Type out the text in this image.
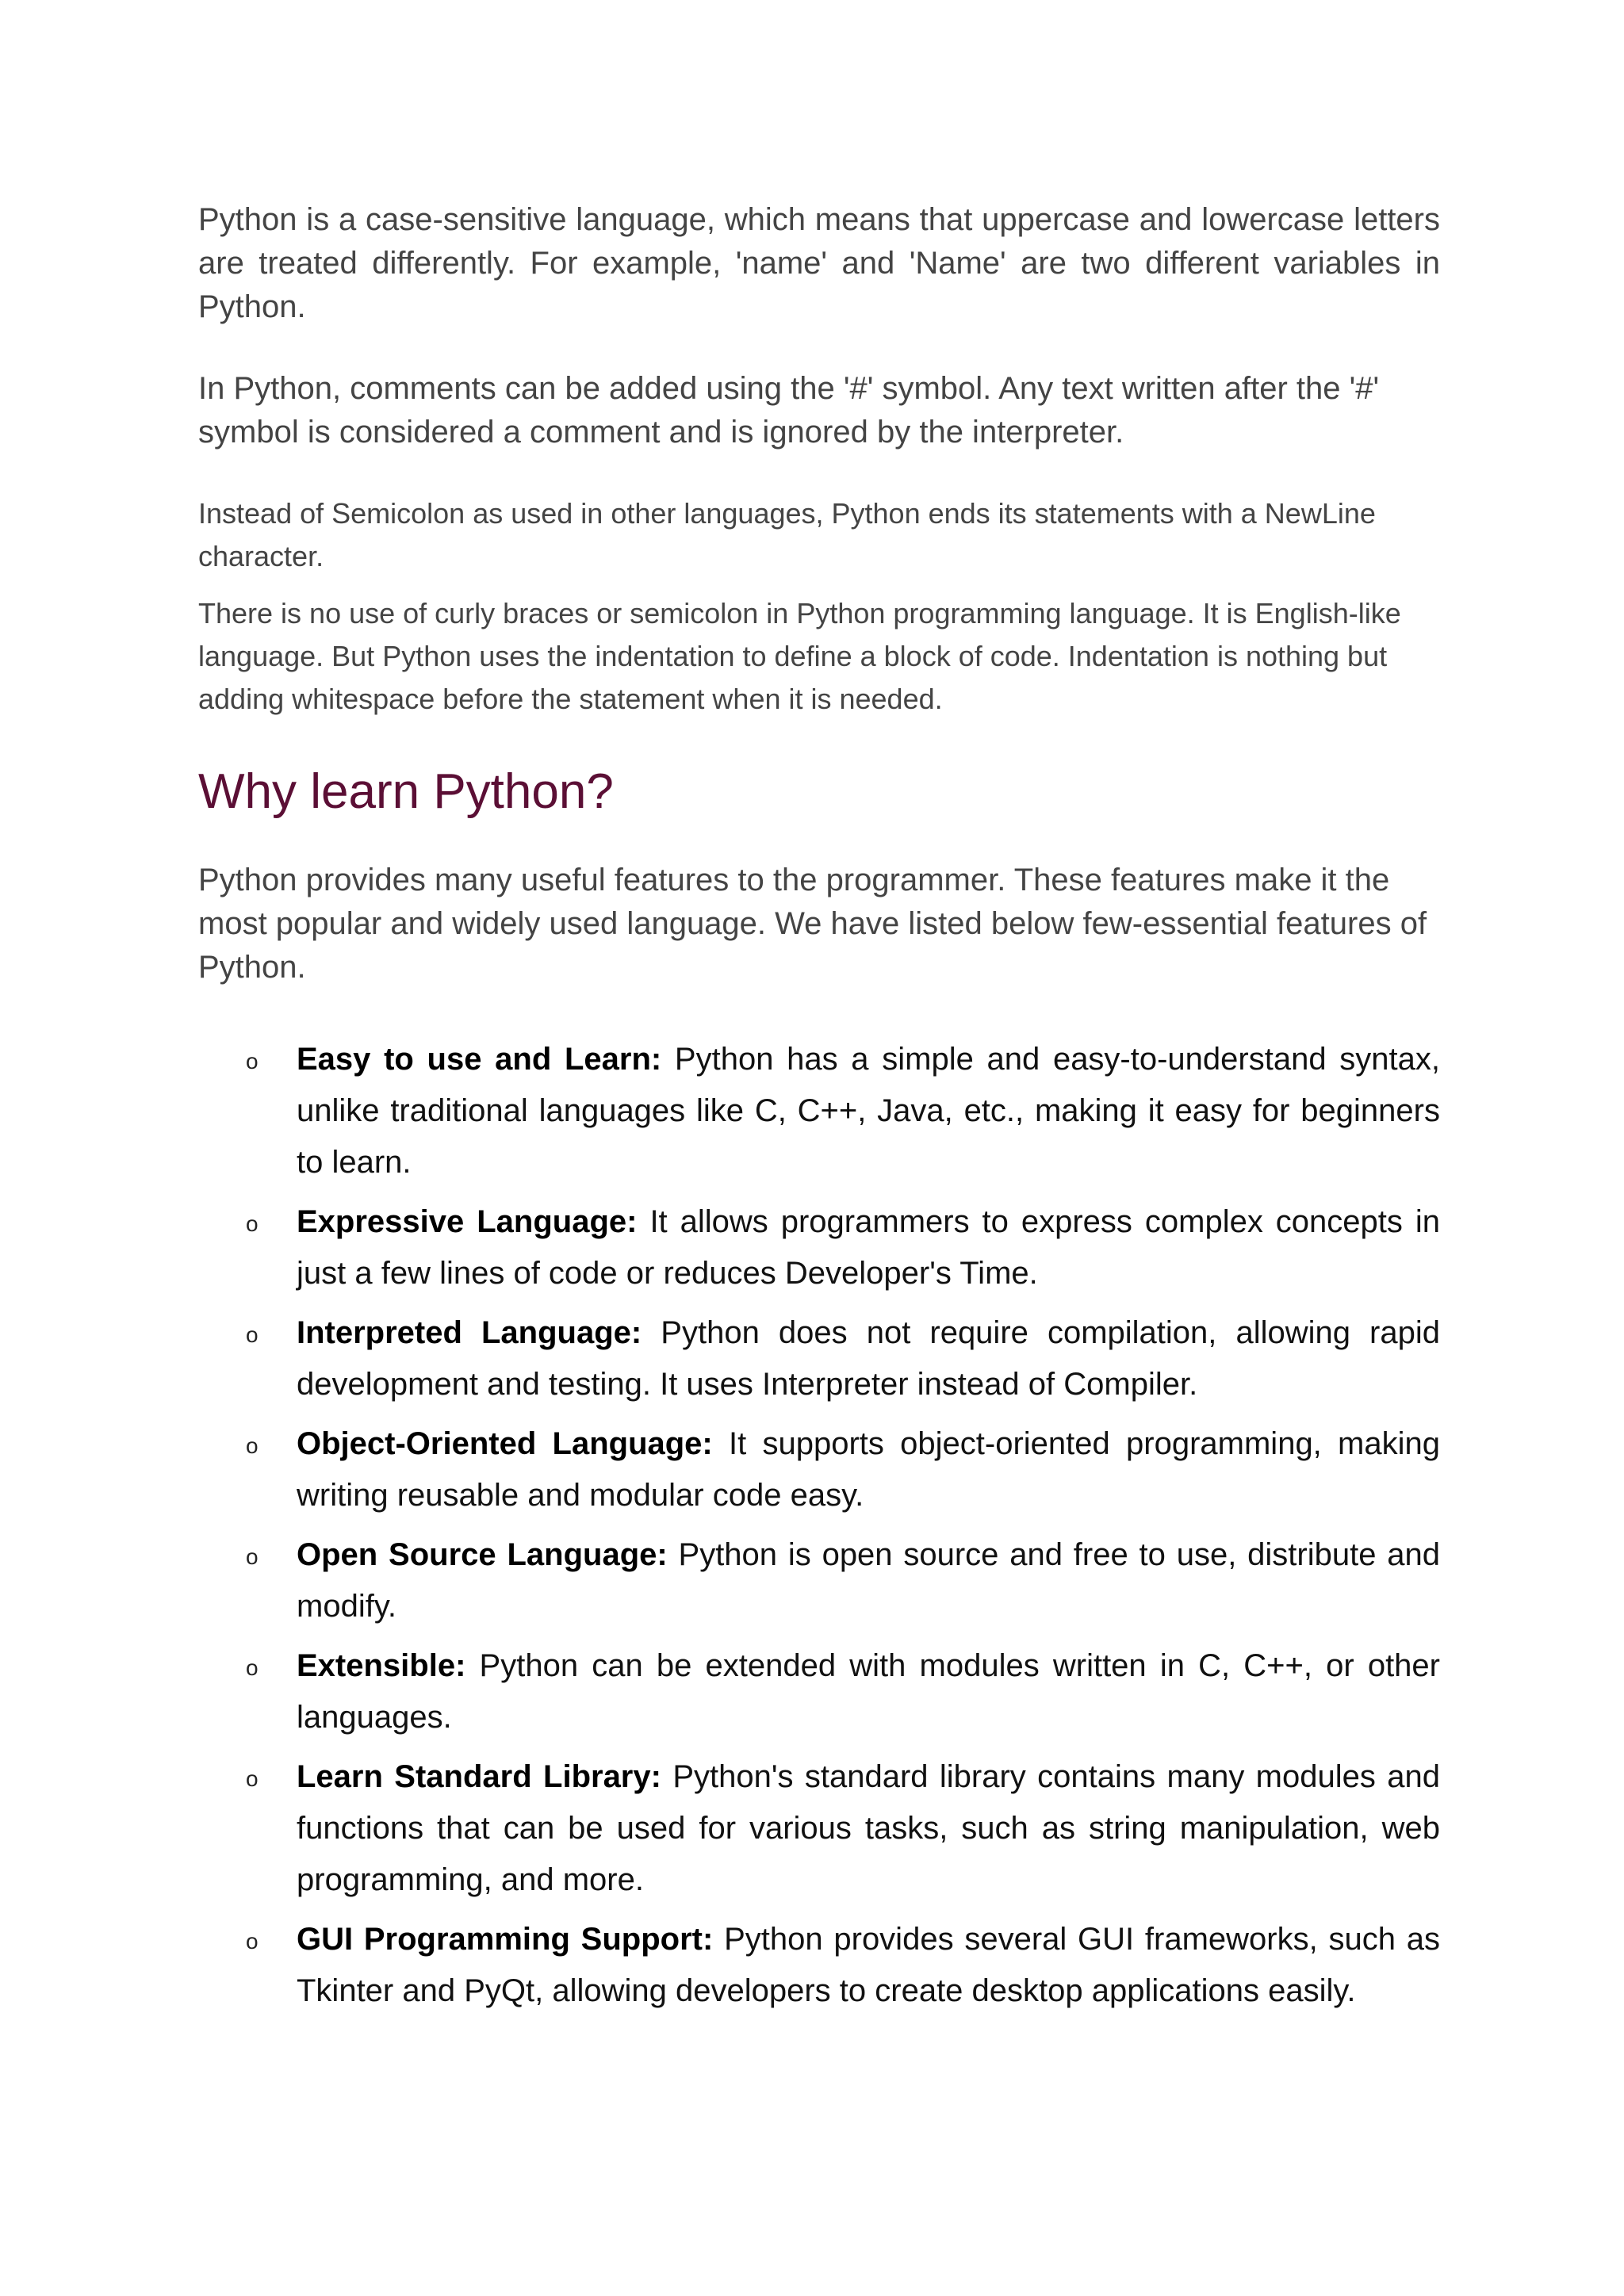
Python is a case-sensitive language, which means that uppercase and lowercase letters are treated differently. For example, 'name' and 'Name' are two different variables in Python.

In Python, comments can be added using the '#' symbol. Any text written after the '#' symbol is considered a comment and is ignored by the interpreter.

Instead of Semicolon as used in other languages, Python ends its statements with a NewLine character.

There is no use of curly braces or semicolon in Python programming language. It is English-like language. But Python uses the indentation to define a block of code. Indentation is nothing but adding whitespace before the statement when it is needed.

Why learn Python?

Python provides many useful features to the programmer. These features make it the most popular and widely used language. We have listed below few-essential features of Python.

o Easy to use and Learn: Python has a simple and easy-to-understand syntax, unlike traditional languages like C, C++, Java, etc., making it easy for beginners to learn.
o Expressive Language: It allows programmers to express complex concepts in just a few lines of code or reduces Developer's Time.
o Interpreted Language: Python does not require compilation, allowing rapid development and testing. It uses Interpreter instead of Compiler.
o Object-Oriented Language: It supports object-oriented programming, making writing reusable and modular code easy.
o Open Source Language: Python is open source and free to use, distribute and modify.
o Extensible: Python can be extended with modules written in C, C++, or other languages.
o Learn Standard Library: Python's standard library contains many modules and functions that can be used for various tasks, such as string manipulation, web programming, and more.
o GUI Programming Support: Python provides several GUI frameworks, such as Tkinter and PyQt, allowing developers to create desktop applications easily.
